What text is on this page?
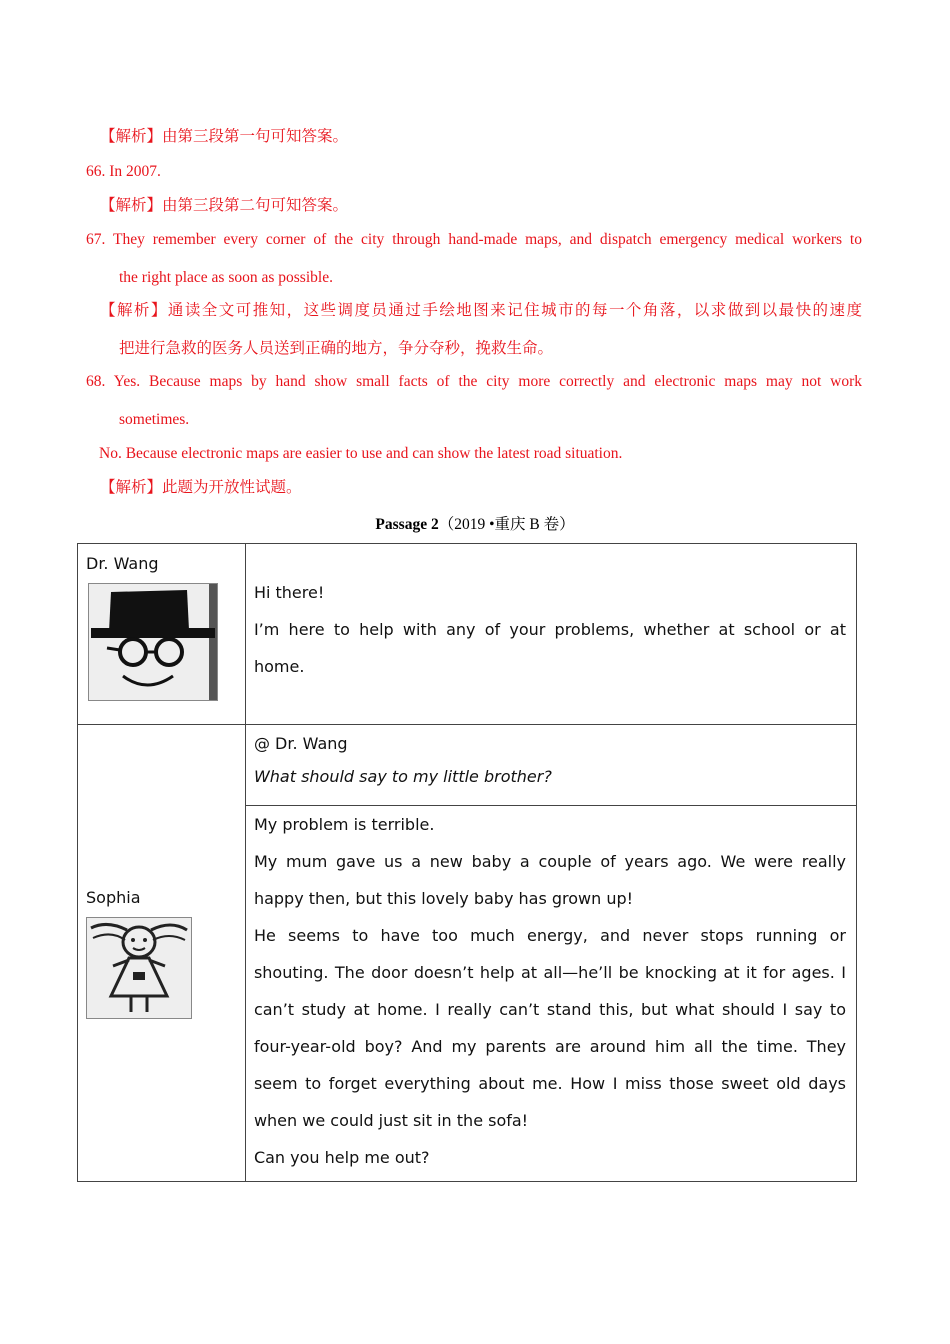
【解析】由第三段第一句可知答案。
66. In 2007.
【解析】由第三段第二句可知答案。
67. They remember every corner of the city through hand-made maps, and dispatch emergency medical workers to
the right place as soon as possible.
【解析】通读全文可推知，这些调度员通过手绘地图来记住城市的每一个角落，以求做到以最快的速度
把进行急救的医务人员送到正确的地方，争分夺秒，挽救生命。
68. Yes. Because maps by hand show small facts of the city more correctly and electronic maps may not work
sometimes.
No. Because electronic maps are easier to use and can show the latest road situation.
【解析】此题为开放性试题。
Passage 2（2019 •重庆 B 卷）
Dr. Wang	Hi there!

I’m here to help with any of your problems, whether at school or at home.

Sophia	@ Dr. Wang

What should say to my little brother?

	My problem is terrible.

My mum gave us a new baby a couple of years ago. We were really happy then, but this lovely baby has grown up!

He seems to have too much energy, and never stops running or shouting. The door doesn’t help at all—he’ll be knocking at it for ages. I can’t study at home. I really can’t stand this, but what should I say to four-year-old boy? And my parents are around him all the time. They seem to forget everything about me. How I miss those sweet old days when we could just sit in the sofa!

Can you help me out?
